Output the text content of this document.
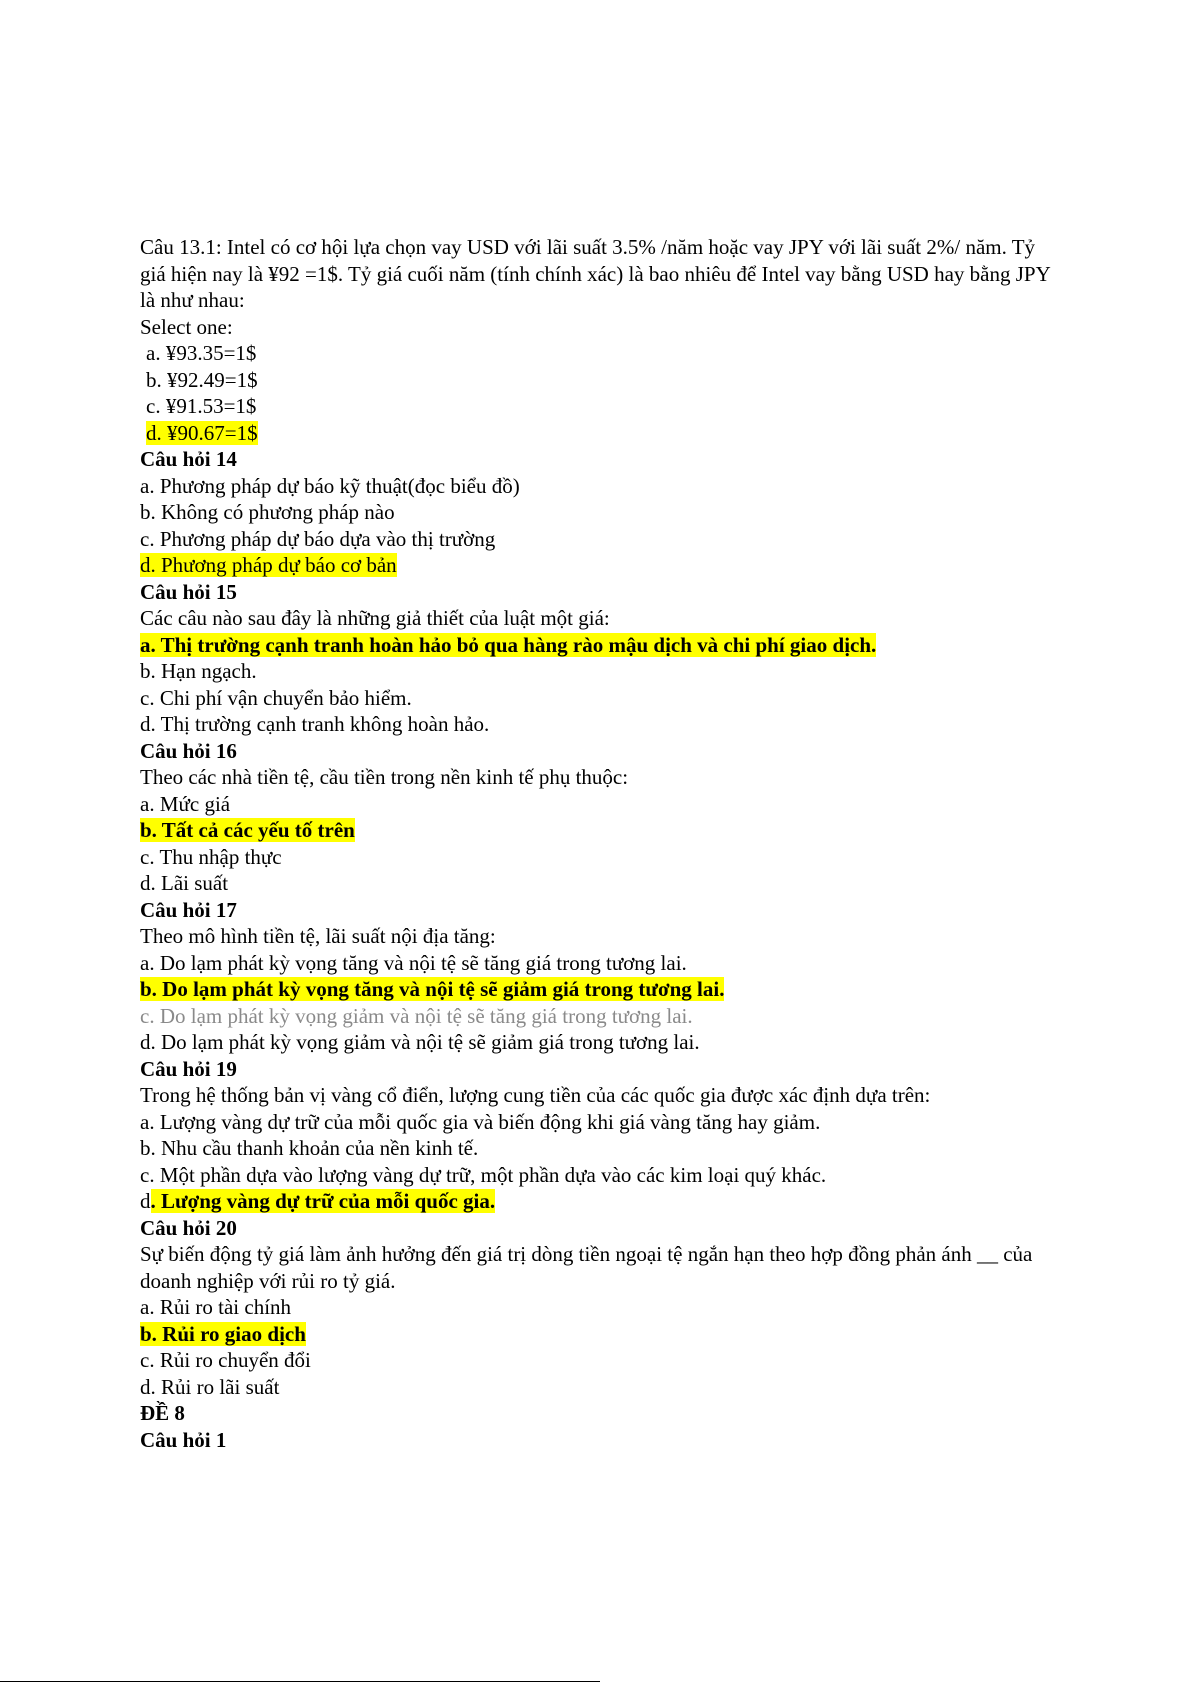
Câu 13.1: Intel có cơ hội lựa chọn vay USD với lãi suất 3.5% /năm hoặc vay JPY với lãi suất 2%/ năm. Tỷ giá hiện nay là ¥92 =1$. Tỷ giá cuối năm (tính chính xác) là bao nhiêu để Intel vay bằng USD hay bằng JPY là như nhau:
Select one:
a. ¥93.35=1$
b. ¥92.49=1$
c. ¥91.53=1$
d. ¥90.67=1$
Câu hỏi 14
a. Phương pháp dự báo kỹ thuật(đọc biểu đồ)
b. Không có phương pháp nào
c. Phương pháp dự báo dựa vào thị trường
d. Phương pháp dự báo cơ bản
Câu hỏi 15
Các câu nào sau đây là những giả thiết của luật một giá:
a. Thị trường cạnh tranh hoàn hảo bỏ qua hàng rào mậu dịch và chi phí giao dịch.
b. Hạn ngạch.
c. Chi phí vận chuyển bảo hiểm.
d. Thị trường cạnh tranh không hoàn hảo.
Câu hỏi 16
Theo các nhà tiền tệ, cầu tiền trong nền kinh tế phụ thuộc:
a. Mức giá
b. Tất cả các yếu tố trên
c. Thu nhập thực
d. Lãi suất
Câu hỏi 17
Theo mô hình tiền tệ, lãi suất nội địa tăng:
a. Do lạm phát kỳ vọng tăng và nội tệ sẽ tăng giá trong tương lai.
b. Do lạm phát kỳ vọng tăng và nội tệ sẽ giảm giá trong tương lai.
c. Do lạm phát kỳ vọng giảm và nội tệ sẽ tăng giá trong tương lai.
d. Do lạm phát kỳ vọng giảm và nội tệ sẽ giảm giá trong tương lai.
Câu hỏi 19
Trong hệ thống bản vị vàng cổ điển, lượng cung tiền của các quốc gia được xác định dựa trên:
a. Lượng vàng dự trữ của mỗi quốc gia và biến động khi giá vàng tăng hay giảm.
b. Nhu cầu thanh khoản của nền kinh tế.
c. Một phần dựa vào lượng vàng dự trữ, một phần dựa vào các kim loại quý khác.
d. Lượng vàng dự trữ của mỗi quốc gia.
Câu hỏi 20
Sự biến động tỷ giá làm ảnh hưởng đến giá trị dòng tiền ngoại tệ ngắn hạn theo hợp đồng phản ánh __ của doanh nghiệp với rủi ro tỷ giá.
a. Rủi ro tài chính
b. Rủi ro giao dịch
c. Rủi ro chuyển đổi
d. Rủi ro lãi suất
ĐỀ 8
Câu hỏi 1
